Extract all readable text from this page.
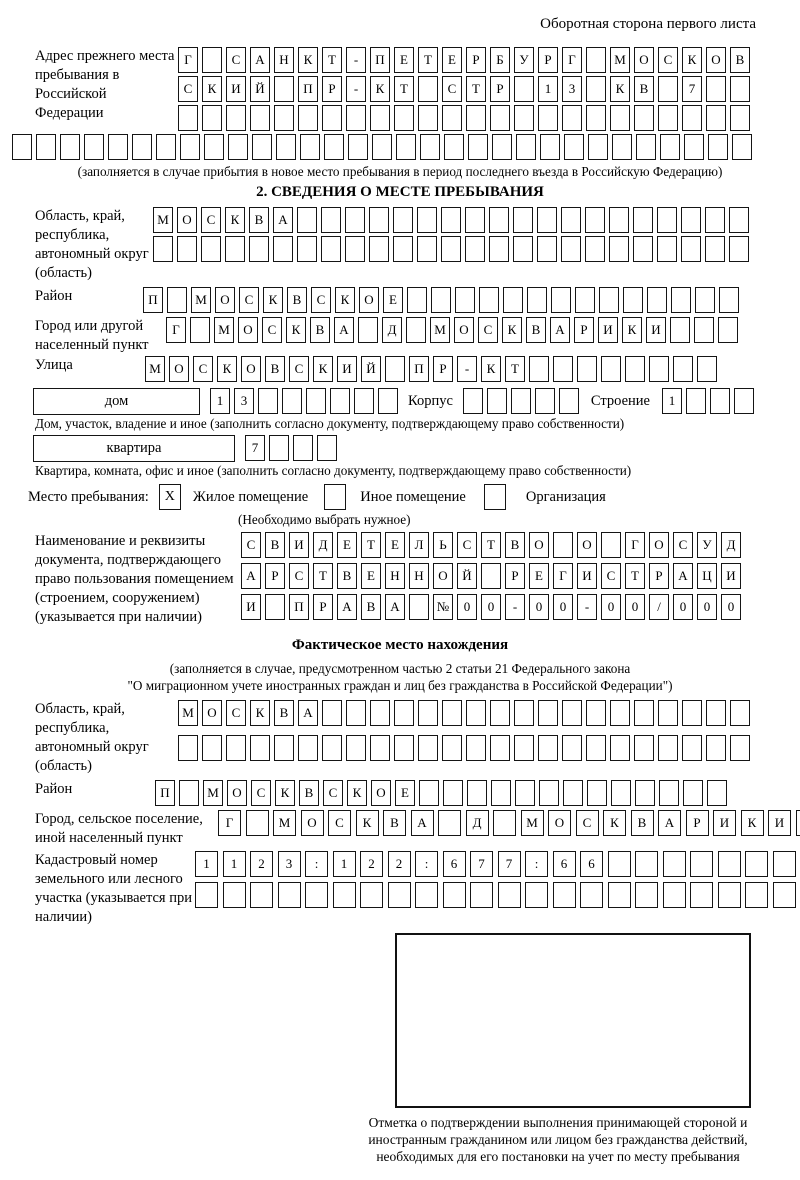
Оборотная сторона первого листа
Адрес прежнего места пребывания в Российской Федерации
Г	С А Н К Т - П Е Т Е Р Б У Р Г	М О С К О В
С К И Й	П Р - К Т	С Т Р	1 3	К В	7
(заполняется в случае прибытия в новое место пребывания в период последнего въезда в Российскую Федерацию)
2. СВЕДЕНИЯ О МЕСТЕ ПРЕБЫВАНИЯ
Область, край, республика, автономный округ (область)
М О С К В А
Район	П	М О С К В С К О Е
Город или другой населенный пункт
Г	М О С К В А	Д	М О С К В А Р И К И
Улица	М О С К О В С К И Й	П Р - К Т
дом	1 3	Корпус	Строение 1
Дом, участок, владение и иное (заполнить согласно документу, подтверждающему право собственности)
квартира	7
Квартира, комната, офис и иное (заполнить согласно документу, подтверждающему право собственности)
Место пребывания: X Жилое помещение	Иное помещение	Организация
(Необходимо выбрать нужное)
Наименование и реквизиты документа, подтверждающего право пользования помещением (строением, сооружением) (указывается при наличии)
С В И Д Е Т Е Л Ь С Т В О	О	Г О С У Д
А Р С Т В Е Н Н О Й	Р Е Г И С Т Р А Ц И
И	П Р А В А	№ 0 0 - 0 0 - 0 0 / 0 0 0
Фактическое место нахождения
(заполняется в случае, предусмотренном частью 2 статьи 21 Федерального закона
"О миграционном учете иностранных граждан и лиц без гражданства в Российской Федерации")
Область, край, республика, автономный округ (область)
М О С К В А
Район	П	М О С К В С К О Е
Город, сельское поселение, иной населенный пункт
Г	М О С К В А	Д	М О С К В А Р И К И
Кадастровый номер земельного или лесного участка (указывается при наличии)
1 1 2 3 : 1 2 2 : 6 7 7 : 6 6
Отметка о подтверждении выполнения принимающей стороной и иностранным гражданином или лицом без гражданства действий, необходимых для его постановки на учет по месту пребывания
